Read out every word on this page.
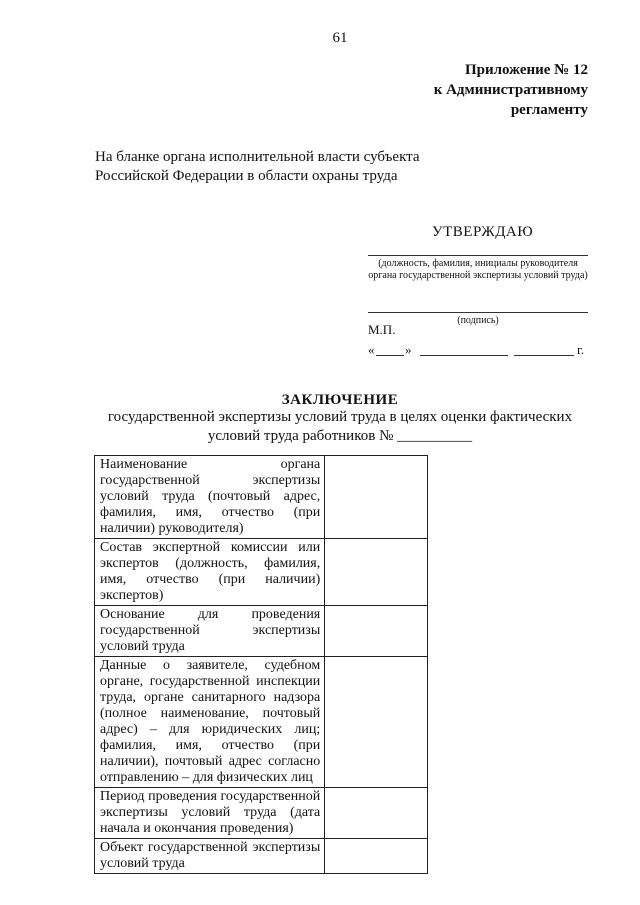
61
Приложение № 12
к Административному
регламенту
На бланке органа исполнительной власти субъекта
Российской Федерации в области охраны труда
УТВЕРЖДАЮ
(должность, фамилия, инициалы руководителя органа государственной экспертизы условий труда)
(подпись)
М.П.
« »	г.
ЗАКЛЮЧЕНИЕ
государственной экспертизы условий труда в целях оценки фактических
условий труда работников № __________
Наименование органа государственной экспертизы условий труда (почтовый адрес, фамилия, имя, отчество (при наличии) руководителя)	
Состав экспертной комиссии или экспертов (должность, фамилия, имя, отчество (при наличии) экспертов)	
Основание для проведения государственной экспертизы условий труда	
Данные о заявителе, судебном органе, государственной инспекции труда, органе санитарного надзора (полное наименование, почтовый адрес) – для юридических лиц; фамилия, имя, отчество (при наличии), почтовый адрес согласно отправлению – для физических лиц	
Период проведения государственной экспертизы условий труда (дата начала и окончания проведения)	
Объект государственной экспертизы условий труда	
